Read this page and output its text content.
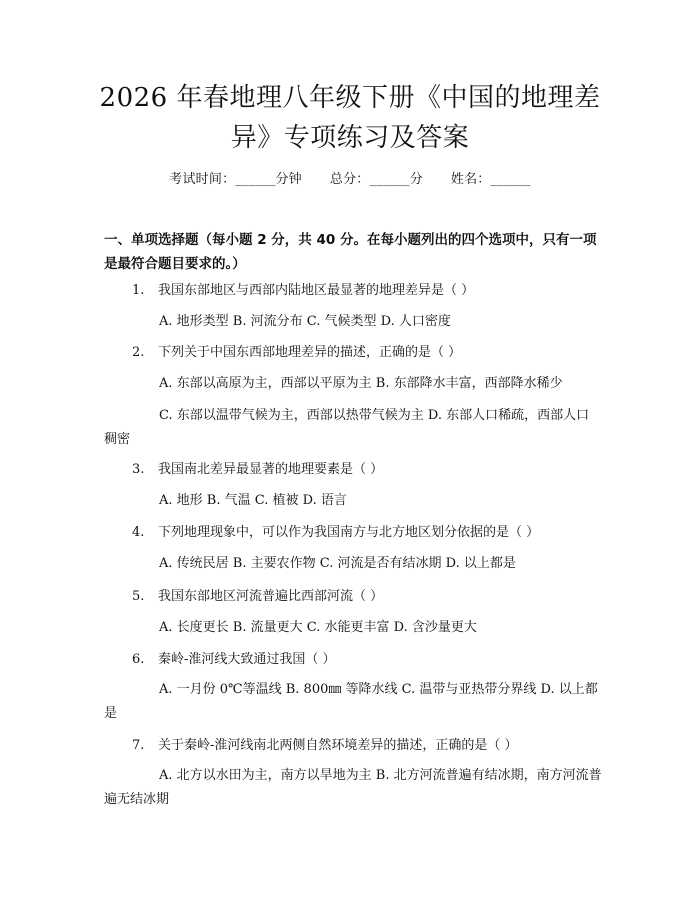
2026 年春地理八年级下册《中国的地理差
异》专项练习及答案
考试时间：______分钟 总分：______分 姓名：______
一、单项选择题（每小题 2 分，共 40 分。在每小题列出的四个选项中，只有一项是最符合题目要求的。）
1. 我国东部地区与西部内陆地区最显著的地理差异是（ ）
A. 地形类型 B. 河流分布 C. 气候类型 D. 人口密度
2. 下列关于中国东西部地理差异的描述，正确的是（ ）
A. 东部以高原为主，西部以平原为主 B. 东部降水丰富，西部降水稀少
C. 东部以温带气候为主，西部以热带气候为主 D. 东部人口稀疏，西部人口稠密
3. 我国南北差异最显著的地理要素是（ ）
A. 地形 B. 气温 C. 植被 D. 语言
4. 下列地理现象中，可以作为我国南方与北方地区划分依据的是（ ）
A. 传统民居 B. 主要农作物 C. 河流是否有结冰期 D. 以上都是
5. 我国东部地区河流普遍比西部河流（ ）
A. 长度更长 B. 流量更大 C. 水能更丰富 D. 含沙量更大
6. 秦岭-淮河线大致通过我国（ ）
A. 一月份 0℃等温线 B. 800㎜ 等降水线 C. 温带与亚热带分界线 D. 以上都是
7. 关于秦岭-淮河线南北两侧自然环境差异的描述，正确的是（ ）
A. 北方以水田为主，南方以旱地为主 B. 北方河流普遍有结冰期，南方河流普遍无结冰期
